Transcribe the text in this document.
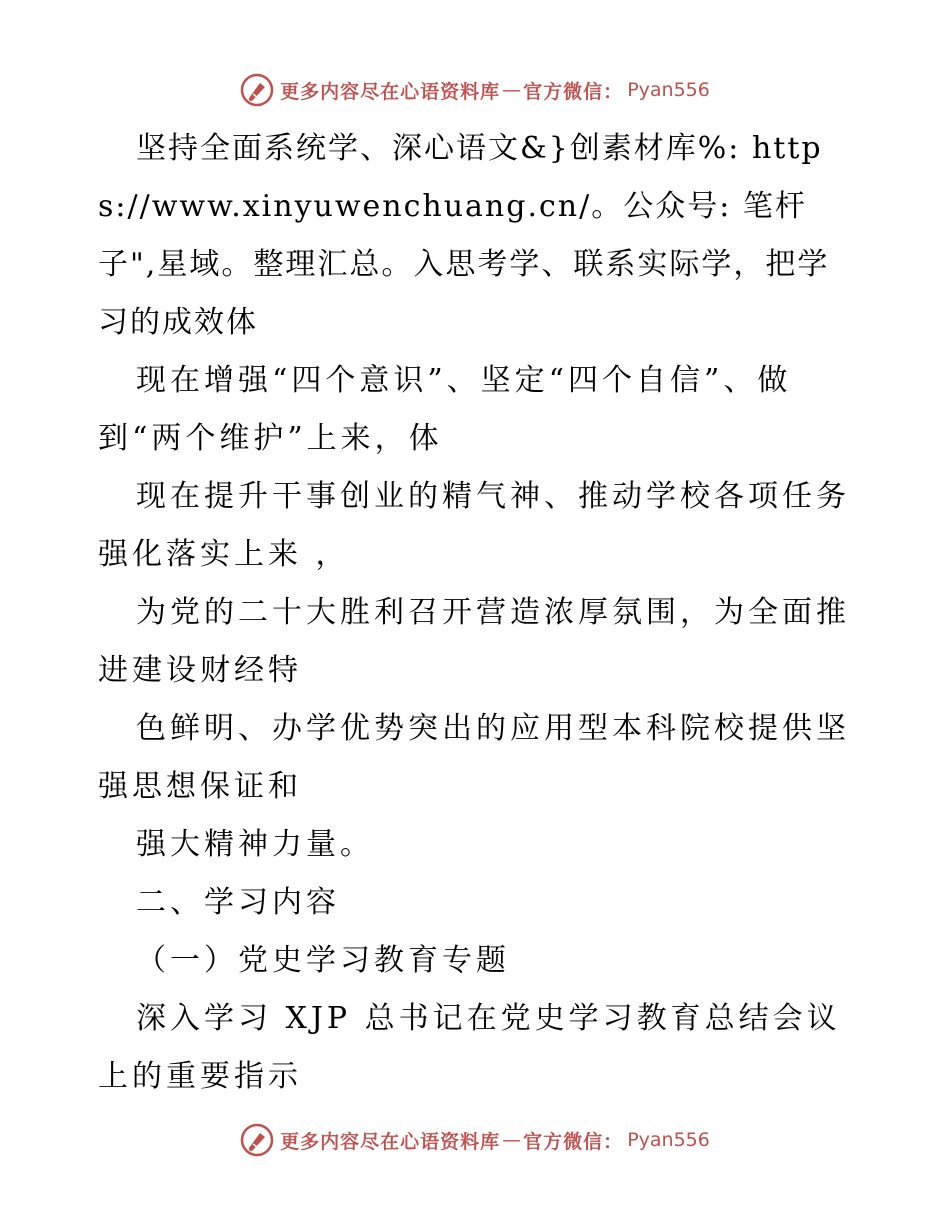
更多内容尽在心语资料库 — 官方微信： Pyan556

坚持全面系统学、深心语文&}创素材库%: https://www.xinyuwenchuang.cn/。公众号: 笔杆子",星域。整理汇总。入思考学、联系实际学，把学习的成效体

现在增强“四个意识”、坚定“四个自信”、做到“两个维护”上来，体

现在提升干事创业的精气神、推动学校各项任务强化落实上来 ，

为党的二十大胜利召开营造浓厚氛围，为全面推进建设财经特

色鲜明、办学优势突出的应用型本科院校提供坚强思想保证和

强大精神力量。

二、学习内容

（一）党史学习教育专题

深入学习 XJP 总书记在党史学习教育总结会议上的重要指示

更多内容尽在心语资料库 — 官方微信： Pyan556
